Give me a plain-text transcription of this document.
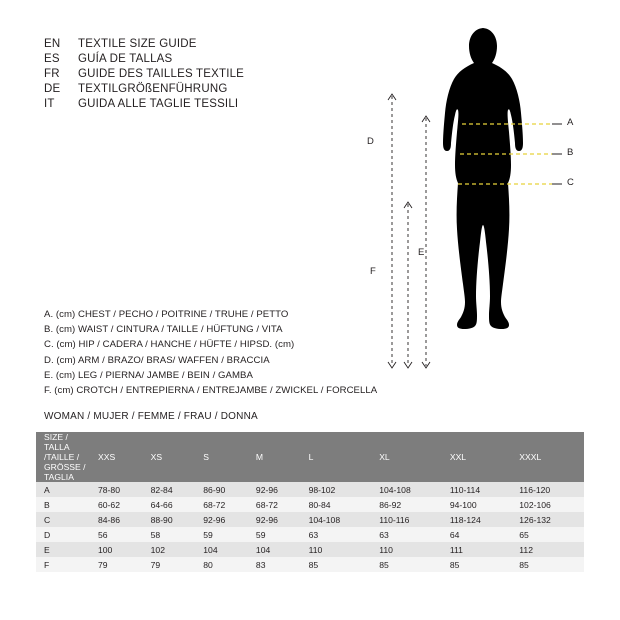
EN	TEXTILE SIZE GUIDE
ES	GUÍA DE TALLAS
FR	GUIDE DES TAILLES TEXTILE
DE	TEXTILGRÖßENFÜHRUNG
IT	GUIDA ALLE TAGLIE TESSILI
A. (cm) CHEST / PECHO / POITRINE / TRUHE / PETTO
B. (cm) WAIST / CINTURA / TAILLE / HÜFTUNG / VITA
C. (cm) HIP / CADERA / HANCHE / HÜFTE / HIPSD. (cm)
D. (cm) ARM / BRAZO/ BRAS/ WAFFEN / BRACCIA
E. (cm) LEG / PIERNA/ JAMBE / BEIN / GAMBA
F. (cm) CROTCH / ENTREPIERNA / ENTREJAMBE / ZWICKEL / FORCELLA
WOMAN / MUJER / FEMME / FRAU / DONNA
SIZE / TALLA /TAILLE / GRÖSSE / TAGLIA	XXS	XS	S	M	L	XL	XXL	XXXL
A	78-80	82-84	86-90	92-96	98-102	104-108	110-114	116-120
B	60-62	64-66	68-72	68-72	80-84	86-92	94-100	102-106
C	84-86	88-90	92-96	92-96	104-108	110-116	118-124	126-132
D	56	58	59	59	63	63	64	65
E	100	102	104	104	110	110	111	112
F	79	79	80	83	85	85	85	85
A
B
C
D
E
F
